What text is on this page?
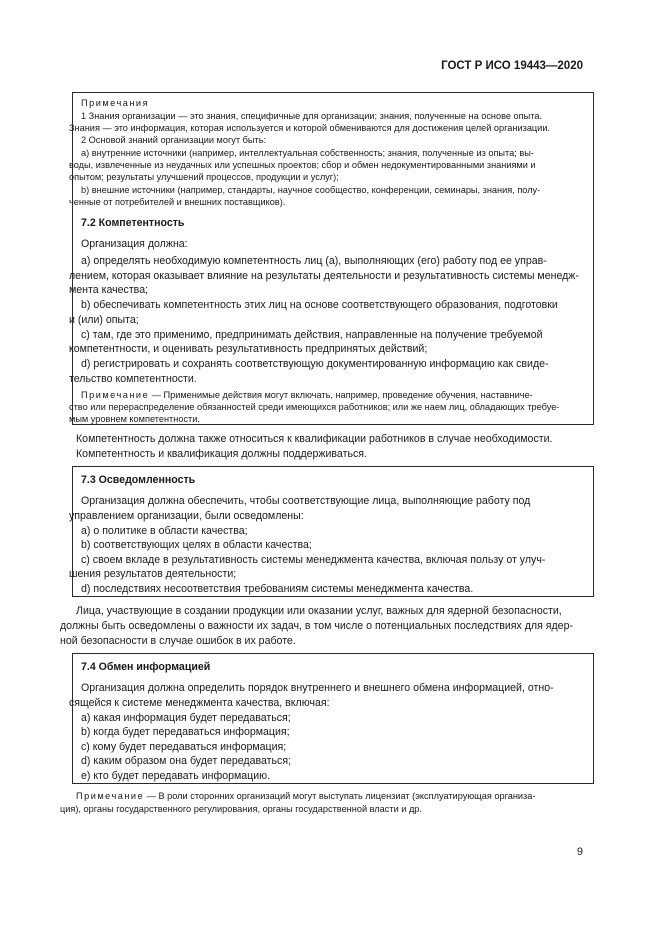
ГОСТ Р ИСО 19443—2020
Примечания
1 Знания организации — это знания, специфичные для организации; знания, полученные на основе опыта.
Знания — это информация, которая используется и которой обмениваются для достижения целей организации.
2 Основой знаний организации могут быть:
a) внутренние источники (например, интеллектуальная собственность; знания, полученные из опыта; вы-
воды, извлеченные из неудачных или успешных проектов; сбор и обмен недокументированными знаниями и
опытом; результаты улучшений процессов, продукции и услуг);
b) внешние источники (например, стандарты, научное сообщество, конференции, семинары, знания, полу-
ченные от потребителей и внешних поставщиков).
7.2 Компетентность
Организация должна:
а) определять необходимую компетентность лиц (а), выполняющих (его) работу под ее управ-
лением, которая оказывает влияние на результаты деятельности и результативность системы менедж-
мента качества;
b) обеспечивать компетентность этих лиц на основе соответствующего образования, подготовки
и (или) опыта;
c) там, где это применимо, предпринимать действия, направленные на получение требуемой
компетентности, и оценивать результативность предпринятых действий;
d) регистрировать и сохранять соответствующую документированную информацию как свиде-
тельство компетентности.
Примечание — Применимые действия могут включать, например, проведение обучения, наставниче-
ство или перераспределение обязанностей среди имеющихся работников; или же наем лиц, обладающих требуе-
мым уровнем компетентности.
Компетентность должна также относиться к квалификации работников в случае необходимости.
Компетентность и квалификация должны поддерживаться.
7.3 Осведомленность
Организация должна обеспечить, чтобы соответствующие лица, выполняющие работу под
управлением организации, были осведомлены:
a) о политике в области качества;
b) соответствующих целях в области качества;
c) своем вкладе в результативность системы менеджмента качества, включая пользу от улуч-
шения результатов деятельности;
d) последствиях несоответствия требованиям системы менеджмента качества.
Лица, участвующие в создании продукции или оказании услуг, важных для ядерной безопасности,
должны быть осведомлены о важности их задач, в том числе о потенциальных последствиях для ядер-
ной безопасности в случае ошибок в их работе.
7.4 Обмен информацией
Организация должна определить порядок внутреннего и внешнего обмена информацией, отно-
сящейся к системе менеджмента качества, включая:
a) какая информация будет передаваться;
b) когда будет передаваться информация;
c) кому будет передаваться информация;
d) каким образом она будет передаваться;
e) кто будет передавать информацию.
Примечание — В роли сторонних организаций могут выступать лицензиат (эксплуатирующая организа-
ция), органы государственного регулирования, органы государственной власти и др.
9
